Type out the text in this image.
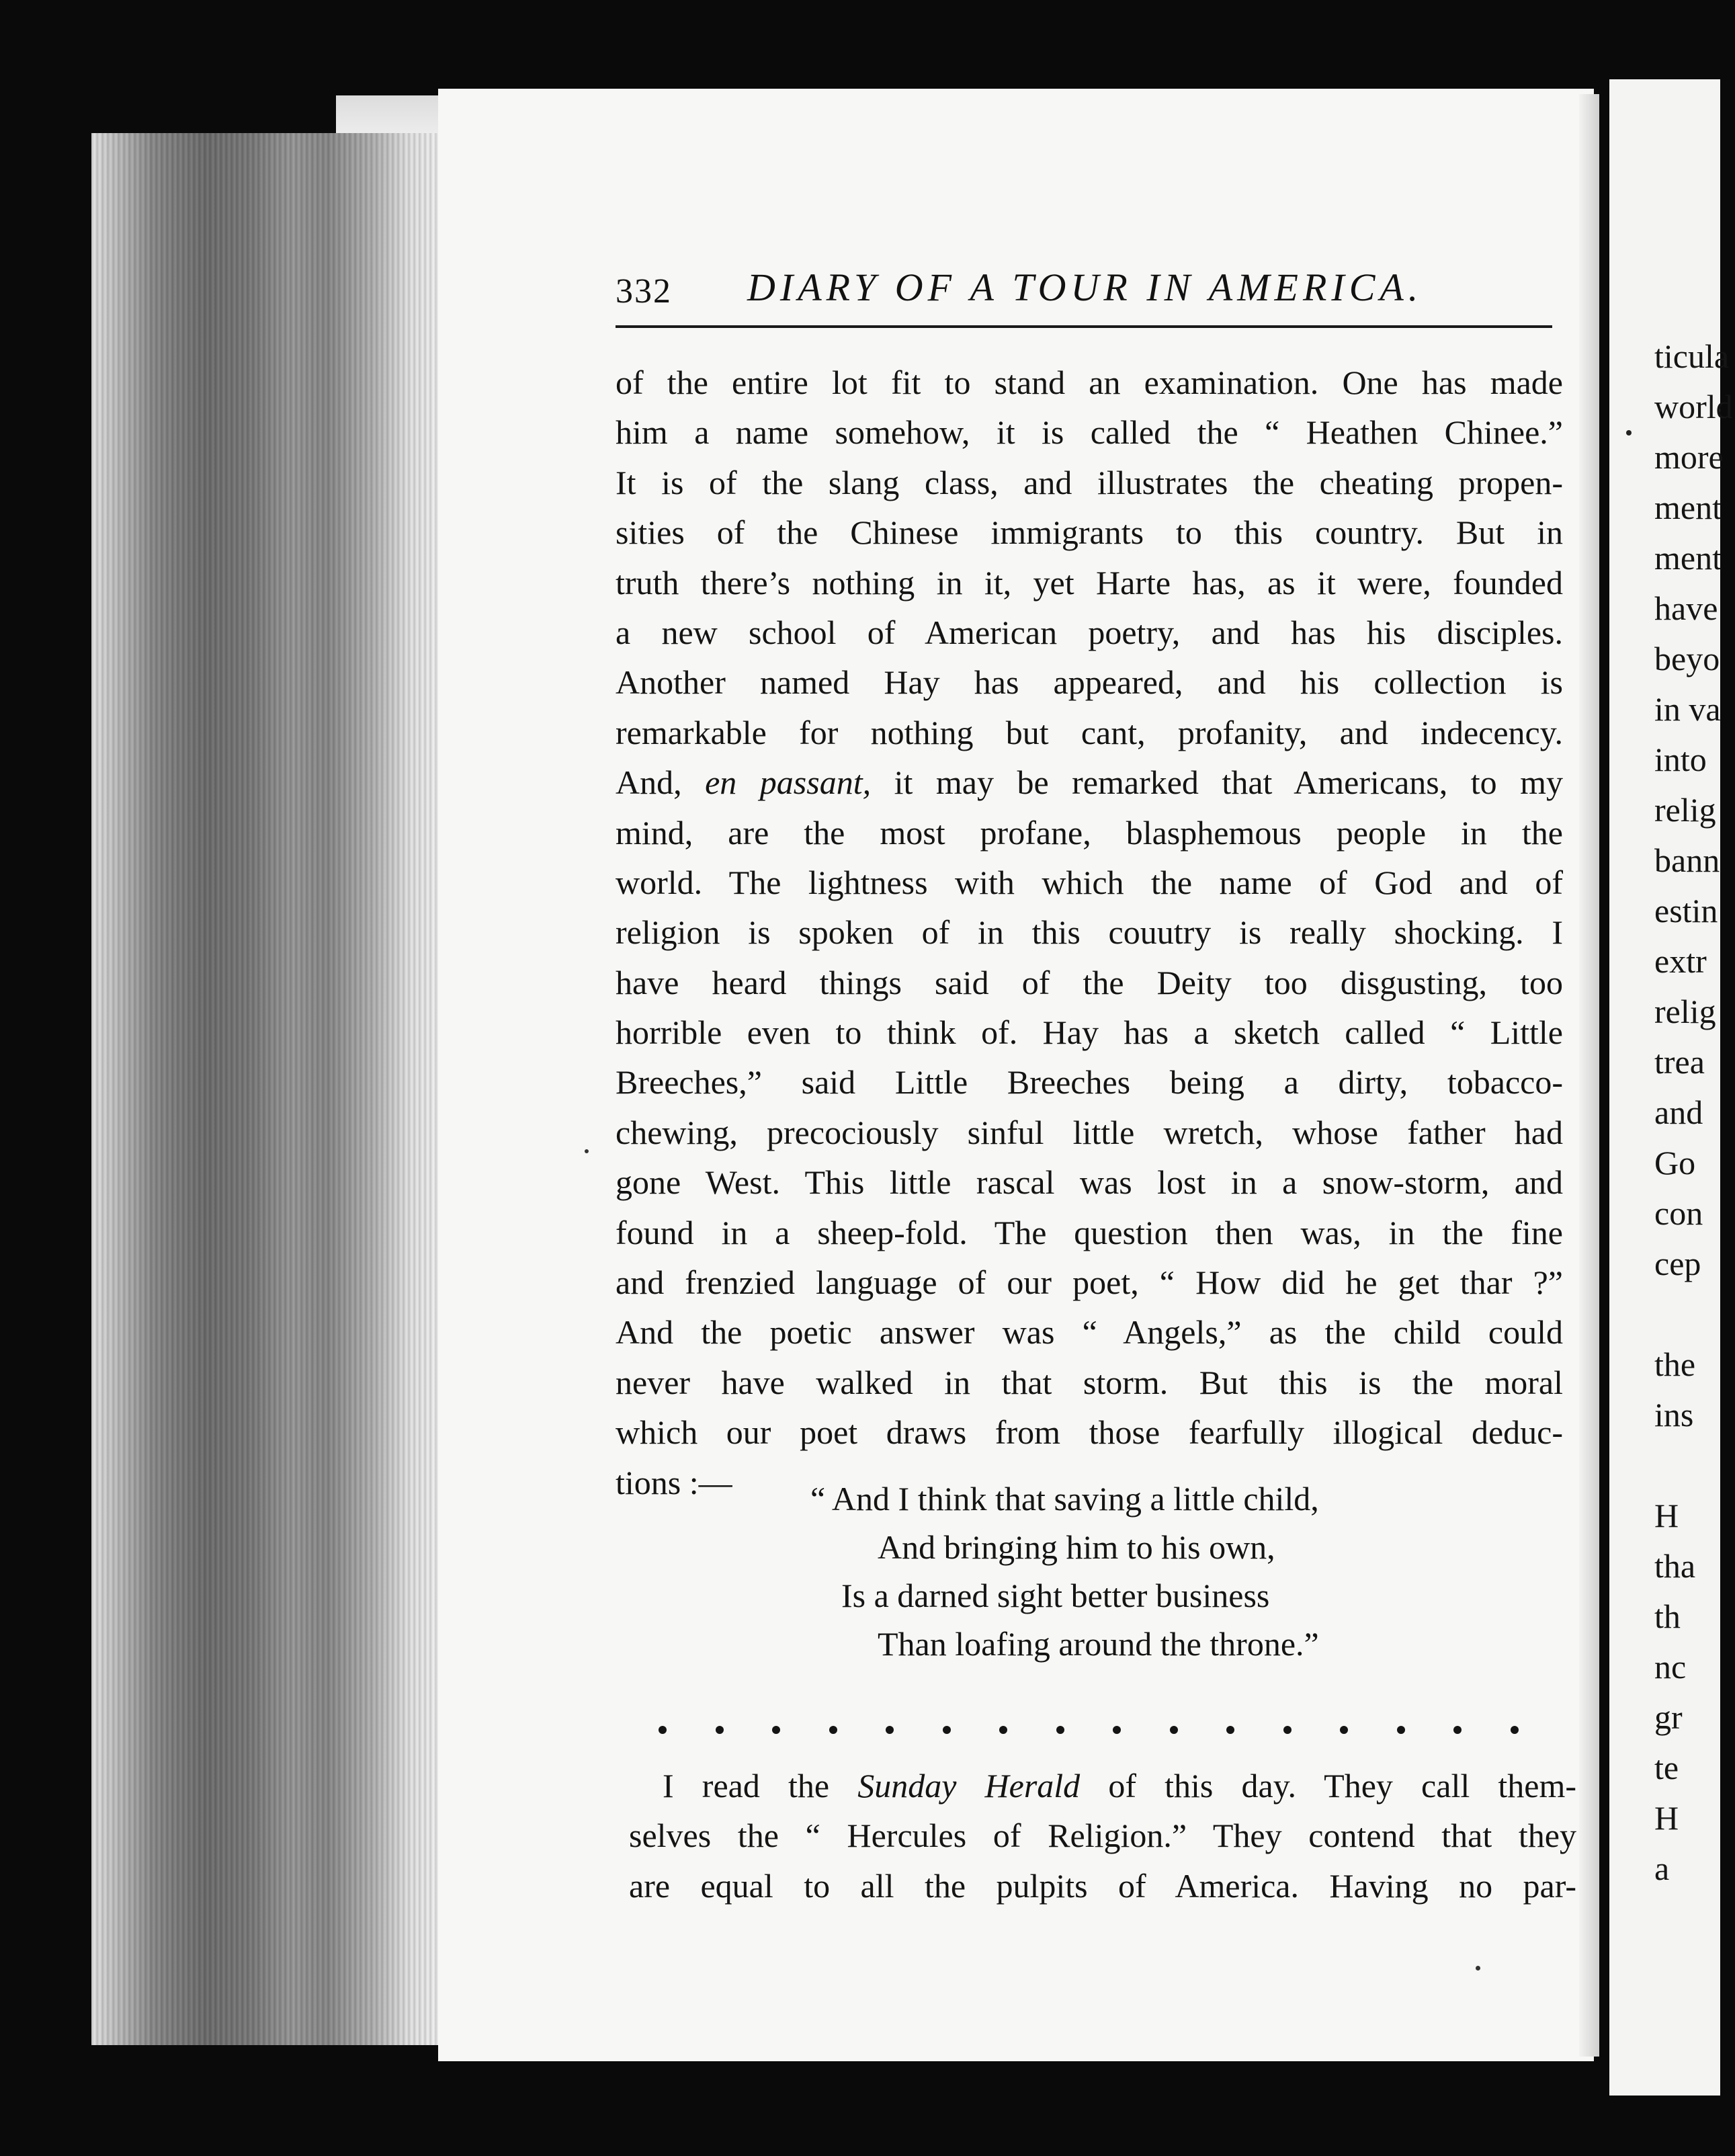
ticula
world
more
ment
ment
have
beyo
in va
into
relig
bann
estin
extr
relig
trea
and
Go
con
cep
the
ins
H
tha
th
nc
gr
te
H
a
332 DIARY OF A TOUR IN AMERICA.
of the entire lot fit to stand an examination. One has made
him a name somehow, it is called the “ Heathen Chinee.”
It is of the slang class, and illustrates the cheating propen-
sities of the Chinese immigrants to this country. But in
truth there’s nothing in it, yet Harte has, as it were, founded
a new school of American poetry, and has his disciples.
Another named Hay has appeared, and his collection is
remarkable for nothing but cant, profanity, and indecency.
And, en passant, it may be remarked that Americans, to my
mind, are the most profane, blasphemous people in the
world. The lightness with which the name of God and of
religion is spoken of in this couutry is really shocking. I
have heard things said of the Deity too disgusting, too
horrible even to think of. Hay has a sketch called “ Little
Breeches,” said Little Breeches being a dirty, tobacco-
chewing, precociously sinful little wretch, whose father had
gone West. This little rascal was lost in a snow-storm, and
found in a sheep-fold. The question then was, in the fine
and frenzied language of our poet, “ How did he get thar ?”
And the poetic answer was “ Angels,” as the child could
never have walked in that storm. But this is the moral
which our poet draws from those fearfully illogical deduc-
tions :—	“ And I think that saving a little child,
And bringing him to his own,
Is a darned sight better business
Than loafing around the throne.”
I read the Sunday Herald of this day. They call them-
selves the “ Hercules of Religion.” They contend that they
are equal to all the pulpits of America. Having no par-
